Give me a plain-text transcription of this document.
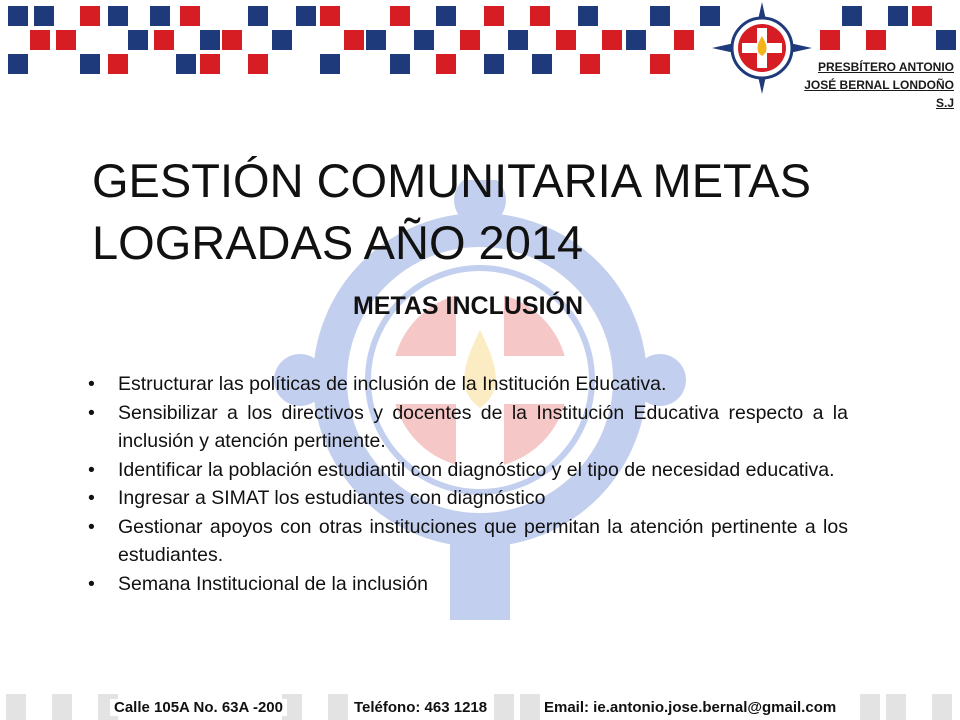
PRESBÍTERO ANTONIO
JOSÉ BERNAL LONDOÑO
S.J
GESTIÓN COMUNITARIA METAS LOGRADAS AÑO 2014
METAS INCLUSIÓN
• Estructurar las políticas de inclusión de la Institución Educativa.
• Sensibilizar a los directivos y docentes de la Institución Educativa respecto a la inclusión y atención pertinente.
• Identificar la población estudiantil con diagnóstico y el tipo de necesidad educativa.
• Ingresar a SIMAT los estudiantes con diagnóstico
• Gestionar apoyos con otras instituciones que permitan la atención pertinente a los estudiantes.
• Semana Institucional de la inclusión
Calle 105A No. 63A -200	Teléfono: 463 1218	Email: ie.antonio.jose.bernal@gmail.com
